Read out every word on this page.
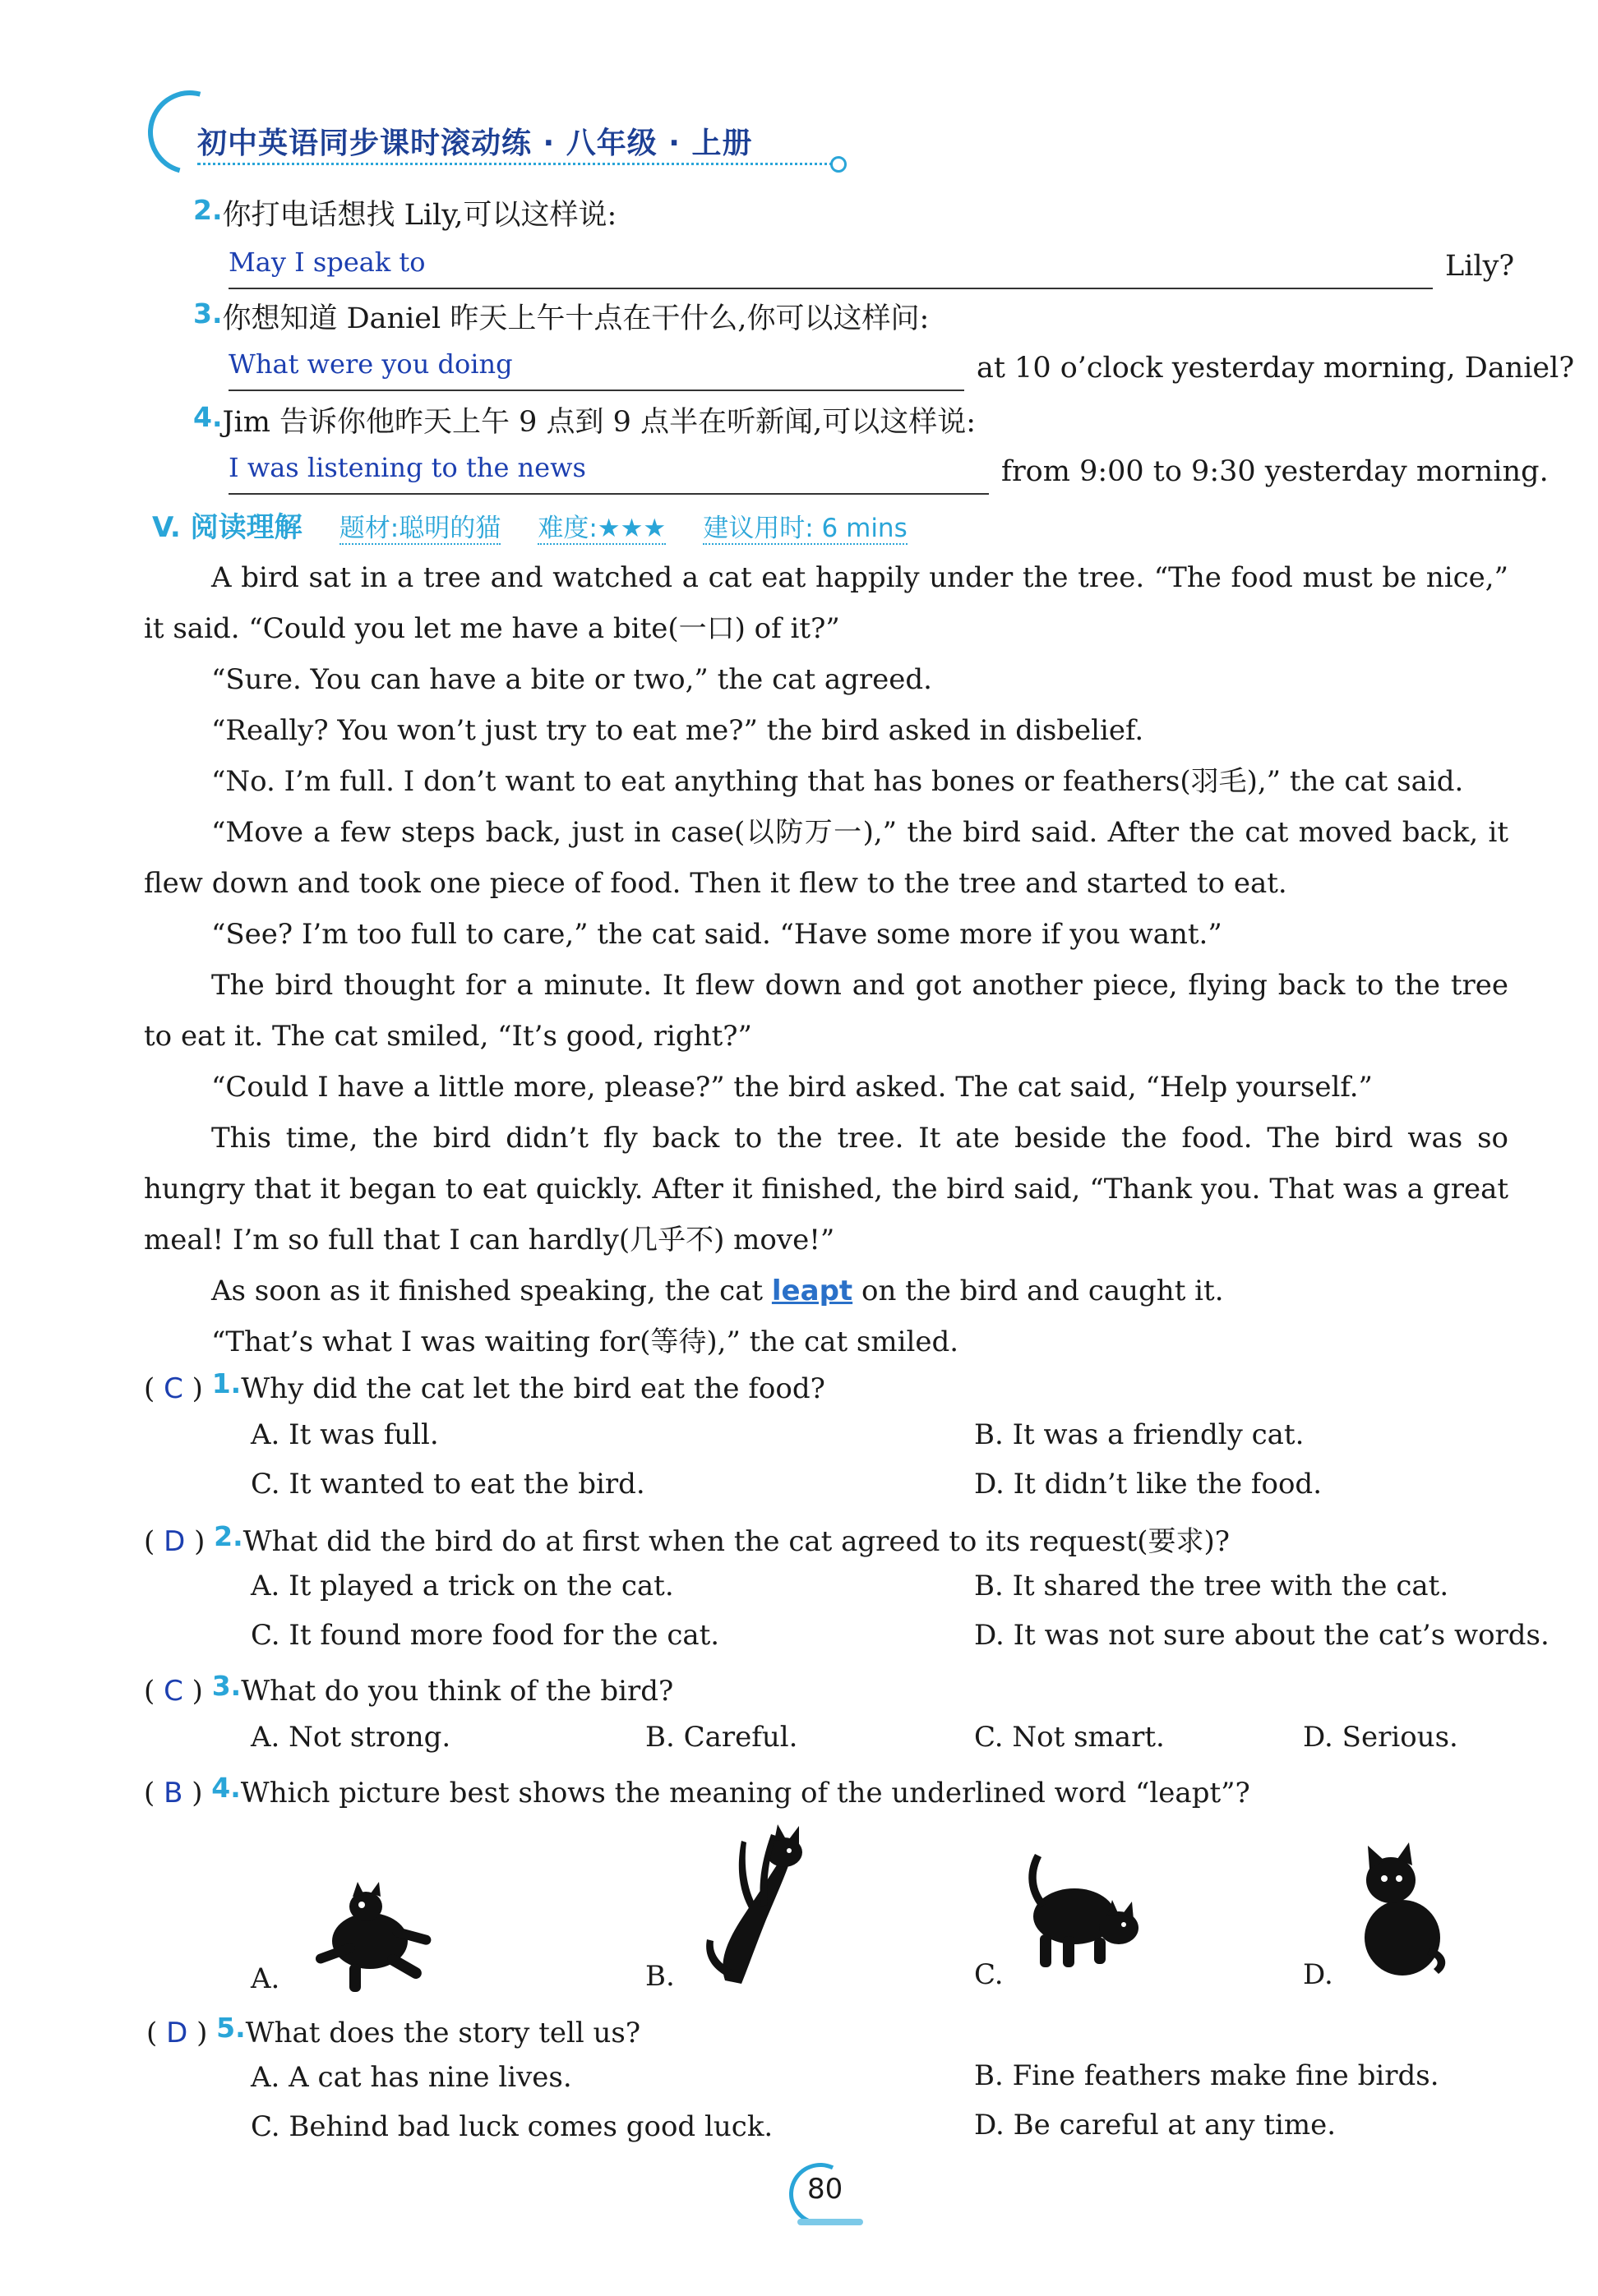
初中英语同步课时滚动练 · 八年级 · 上册
2.你打电话想找 Lily,可以这样说:
May I speak to	Lily?
3.你想知道 Daniel 昨天上午十点在干什么,你可以这样问:
What were you doing	at 10 o’clock yesterday morning, Daniel?
4.Jim 告诉你他昨天上午 9 点到 9 点半在听新闻,可以这样说:
I was listening to the news	from 9:00 to 9:30 yesterday morning.
V. 阅读理解 题材:聪明的猫 难度:★★★ 建议用时: 6 mins
A bird sat in a tree and watched a cat eat happily under the tree. “The food must be nice,” it said. “Could you let me have a bite(一口) of it?”
“Sure. You can have a bite or two,” the cat agreed.
“Really? You won’t just try to eat me?” the bird asked in disbelief.
“No. I’m full. I don’t want to eat anything that has bones or feathers(羽毛),” the cat said.
“Move a few steps back, just in case(以防万一),” the bird said. After the cat moved back, it flew down and took one piece of food. Then it flew to the tree and started to eat.
“See? I’m too full to care,” the cat said. “Have some more if you want.”
The bird thought for a minute. It flew down and got another piece, flying back to the tree to eat it. The cat smiled, “It’s good, right?”
“Could I have a little more, please?” the bird asked. The cat said, “Help yourself.”
This time, the bird didn’t fly back to the tree. It ate beside the food. The bird was so hungry that it began to eat quickly. After it finished, the bird said, “Thank you. That was a great meal! I’m so full that I can hardly(几乎不) move!”
As soon as it finished speaking, the cat leapt on the bird and caught it.
“That’s what I was waiting for(等待),” the cat smiled.
( C ) 1.Why did the cat let the bird eat the food?
A. It was full.	B. It was a friendly cat.
C. It wanted to eat the bird.	D. It didn’t like the food.
( D ) 2.What did the bird do at first when the cat agreed to its request(要求)?
A. It played a trick on the cat.	B. It shared the tree with the cat.
C. It found more food for the cat.	D. It was not sure about the cat’s words.
( C ) 3.What do you think of the bird?
A. Not strong.	B. Careful.	C. Not smart.	D. Serious.
( B ) 4.Which picture best shows the meaning of the underlined word “leapt”?
A.	B.	C.	D.
( D ) 5.What does the story tell us?
A. A cat has nine lives.	B. Fine feathers make fine birds.
C. Behind bad luck comes good luck.	D. Be careful at any time.
80
